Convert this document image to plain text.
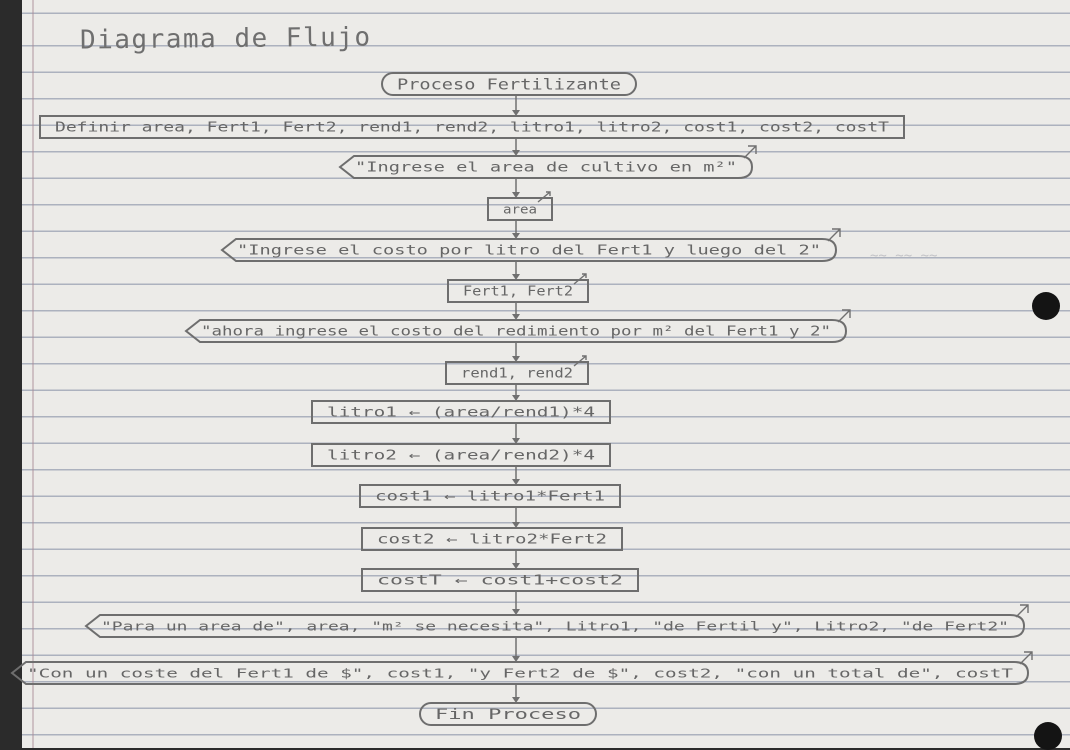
Diagrama de Flujo
~~ ~~ ~~
Proceso Fertilizante
Definir area, Fert1, Fert2, rend1, rend2, litro1, litro2, cost1, cost2, costT
"Ingrese el area de cultivo en m²"
area
"Ingrese el costo por litro del Fert1 y luego del 2"
Fert1, Fert2
"ahora ingrese el costo del redimiento por m² del Fert1 y 2"
rend1, rend2
litro1 ← (area/rend1)*4
litro2 ← (area/rend2)*4
cost1 ← litro1*Fert1
cost2 ← litro2*Fert2
costT ← cost1+cost2
"Para un area de", area, "m² se necesita", Litro1, "de Fertil y", Litro2, "de Fert2"
"Con un coste del Fert1 de $", cost1, "y Fert2 de $", cost2, "con un total de", costT
Fin Proceso
